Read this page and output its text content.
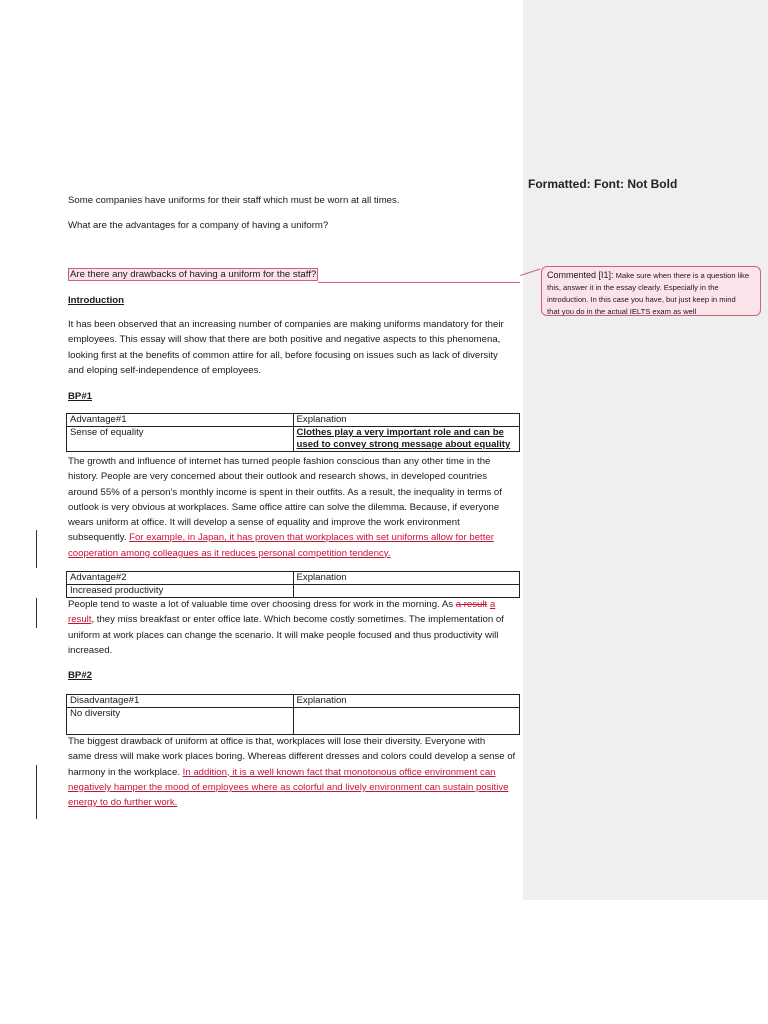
Formatted: Font: Not Bold
Some companies have uniforms for their staff which must be worn at all times.
What are the advantages for a company of having a uniform?
Are there any drawbacks of having a uniform for the staff?	Commented [I1]: Make sure when there is a question like
this, answer it in the essay clearly. Especially in the
introduction. In this case you have, but just keep in mind
that you do in the actual IELTS exam as well
Introduction
It has been observed that an increasing number of companies are making uniforms mandatory for their
employees. This essay will show that there are both positive and negative aspects to this phenomena,
looking first at the benefits of common attire for all, before focusing on issues such as lack of diversity
and eloping self-independence of employees.
BP#1
Advantage#1	Explanation
Sense of equality	Clothes play a very important role and can be
used to convey strong message about equality
The growth and influence of internet has turned people fashion conscious than any other time in the
history. People are very concerned about their outlook and research shows, in developed countries
around 55% of a person’s monthly income is spent in their outfits. As a result, the inequality in terms of
outlook is very obvious at workplaces. Same office attire can solve the dilemma. Because, if everyone
wears uniform at office. It will develop a sense of equality and improve the work environment
subsequently. For example, in Japan, it has proven that workplaces with set uniforms allow for better
cooperation among colleagues as it reduces personal competition tendency.
Advantage#2	Explanation
Increased productivity	
People tend to waste a lot of valuable time over choosing dress for work in the morning. As a result a
result, they miss breakfast or enter office late. Which become costly sometimes. The implementation of
uniform at work places can change the scenario. It will make people focused and thus productivity will
increased.
BP#2
Disadvantage#1	Explanation
No diversity	
The biggest drawback of uniform at office is that, workplaces will lose their diversity. Everyone with
same dress will make work places boring. Whereas different dresses and colors could develop a sense of
harmony in the workplace. In addition, it is a well known fact that monotonous office environment can
negatively hamper the mood of employees where as colorful and lively environment can sustain positive
energy to do further work.
